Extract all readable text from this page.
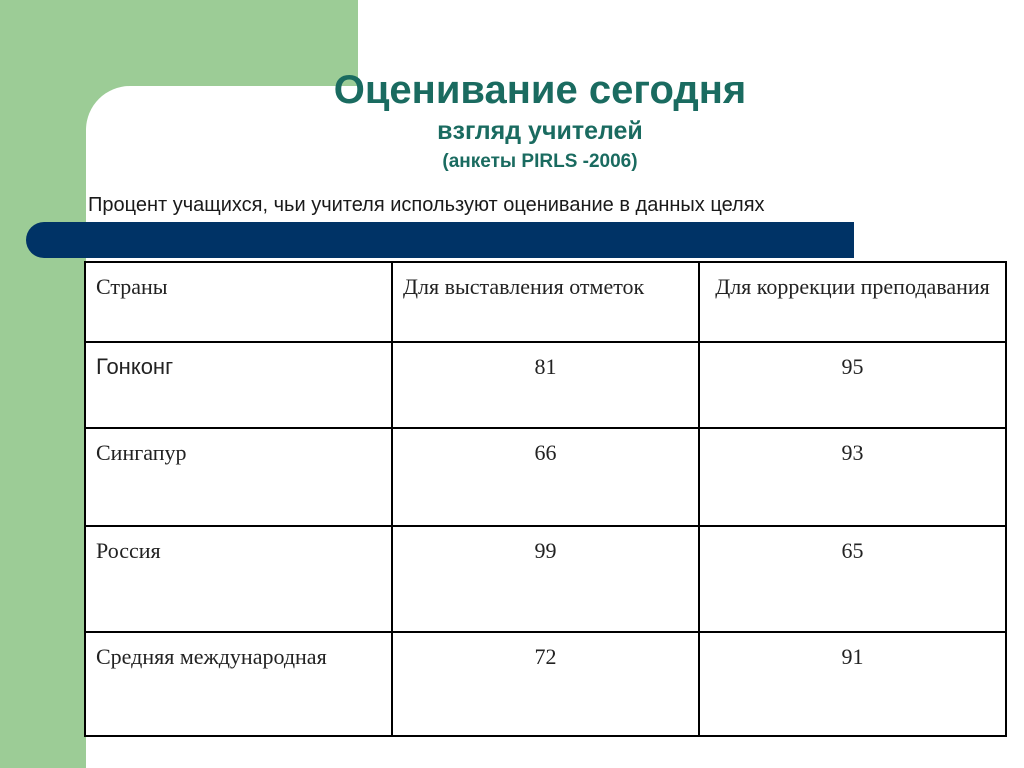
Оценивание сегодня
взгляд учителей
(анкеты PIRLS -2006)
Процент учащихся, чьи учителя используют оценивание в данных целях
Страны	Для выставления отметок	Для коррекции преподавания
Гонконг	81	95
Сингапур	66	93
Россия	99	65
Средняя международная	72	91
